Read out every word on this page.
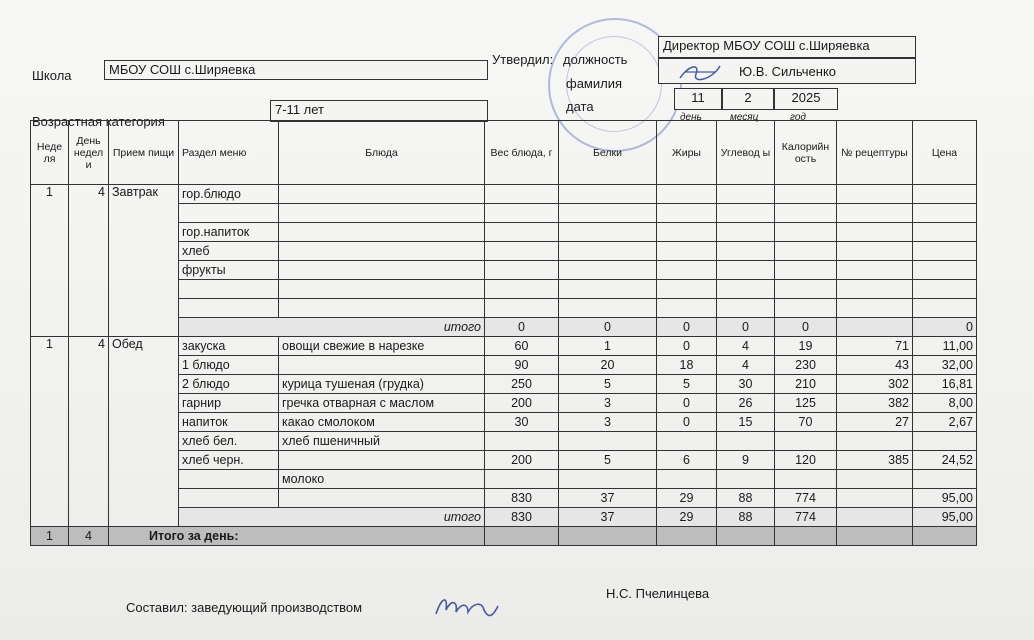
Школа	МБОУ СОШ с.Ширяевка
Возрастная категория
7-11 лет
Утвердил: должность
фамилия
дата
Директор МБОУ СОШ с.Ширяевка
Ю.В. Сильченко
11	2	2025
день	месяц	год
Неде ля	День недел и	Прием пищи	Раздел меню	Блюда	Вес блюда, г	Белки	Жиры	Углевод ы	Калорийн ость	№ рецептуры	Цена
1	4	Завтрак	гор.блюдо								

			гор.напиток								
			хлеб								
			фрукты								

			итого		0	0	0	0	0		0
1	4	Обед	закуска	овощи свежие в нарезке	60	1	0	4	19	71	11,00
			1 блюдо		90	20	18	4	230	43	32,00
			2 блюдо	курица тушеная (грудка)	250	5	5	30	210	302	16,81
			гарнир	гречка отварная с маслом	200	3	0	26	125	382	8,00
			напиток	какао смолоком	30	3	0	15	70	27	2,67
			хлеб бел.	хлеб пшеничный							
			хлеб черн.		200	5	6	9	120	385	24,52
				молоко							
					830	37	29	88	774		95,00
			итого		830	37	29	88	774		95,00
1	4	Итого за день:									
Составил: заведующий производством
Н.С. Пчелинцева
